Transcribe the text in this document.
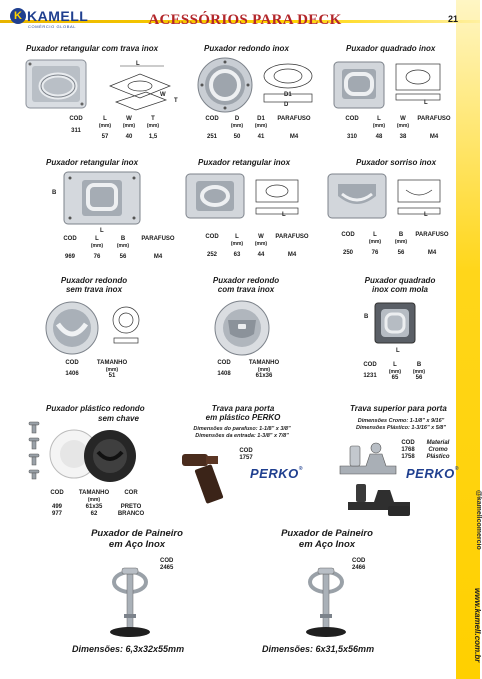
@kamellcomercio
www.kamell.com.br
K KAMELL
COMÉRCIO GLOBAL	ACESSÓRIOS PARA DECK	21
Puxador retangular com trava inox
L
W
T
COD
311
L
(mm)
57
W
(mm)
40
T
(mm)
1,5
Puxador redondo inox
D1
D
COD

251
D
(mm)
50
D1
(mm)
41
PARAFUSO

M4
Puxador quadrado inox
L
COD

310
L
(mm)
48
W
(mm)
38
PARAFUSO

M4
Puxador retangular inox
B
L
COD

969
L
(mm)
76
B
(mm)
56
PARAFUSO

M4
Puxador retangular inox
L
COD

252
L
(mm)
63
W
(mm)
44
PARAFUSO

M4
Puxador sorriso inox
L
COD

250
L
(mm)
76
B
(mm)
56
PARAFUSO

M4
Puxador redondo
sem trava inox
COD
1406
TAMANHO
(mm)
51
Puxador redondo
com trava inox
COD
1408
TAMANHO
(mm)
61x36
Puxador quadrado
inox com mola
B
L
COD
1231
L
(mm)
65
B
(mm)
56
Puxador plástico redondo
sem chave
COD

499
977
TAMANHO
(mm)
61x35
62
COR

PRETO
BRANCO
Trava para porta
em plástico PERKO
Dimensões do parafuso: 1-1/8" x 3/8"
Dimensões da entrada: 1-3/8" x 7/8"
COD
1757
PERKO®
Trava superior para porta
Dimensões Cromo: 1-1/8" x 9/16"
Dimensões Plástico: 1-3/16" x 5/8"
COD
1768
1758
Material
Cromo
Plástico
PERKO®
Puxador de Paineiro
em Aço Inox
COD
2465
Dimensões: 6,3x32x55mm
Puxador de Paineiro
em Aço Inox
COD
2466
Dimensões: 6x31,5x56mm
